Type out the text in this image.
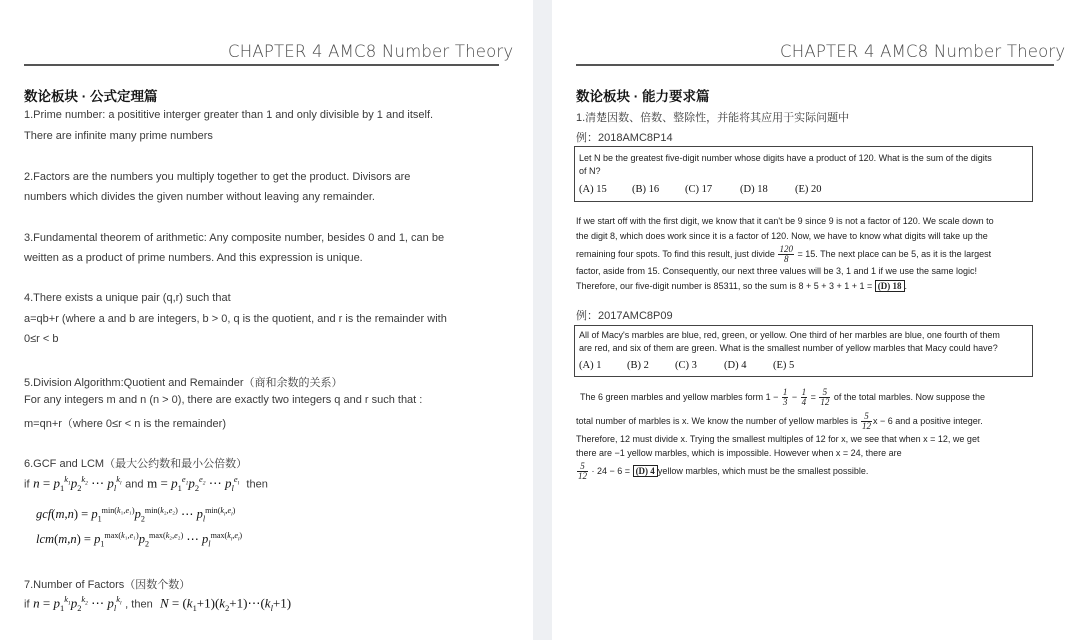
CHAPTER 4 AMC8 Number Theory
数论板块 · 公式定理篇
1.Prime number: a posititive interger greater than 1 and only divisible by 1 and itself.
There are infinite many prime numbers
2.Factors are the numbers you multiply together to get the product. Divisors are
numbers which divides the given number without leaving any remainder.
3.Fundamental theorem of arithmetic: Any composite number, besides 0 and 1, can be
weitten as a product of prime numbers. And this expression is unique.
4.There exists a unique pair (q,r) such that
a=qb+r (where a and b are integers, b > 0, q is the quotient, and r is the remainder with
0≤r < b
5.Division Algorithm:Quotient and Remainder（商和余数的关系）
For any integers m and n (n > 0), there are exactly two integers q and r such that :
m=qn+r（where 0≤r < n is the remainder)
6.GCF and LCM（最大公约数和最小公倍数）
if $n = p_1^{k_1}p_2^{k_2}$ ⋯ $p_l^{k_l}$ and $m = p_1^{e_1}p_2^{e_2}$ ⋯ $p_l^{e_l}$ then
$gcf(m,n) = p_1^{min(k_1,e_1)}p_2^{min(k_2,e_2)}$ ⋯ $p_l^{min(k_l,e_l)}$
$lcm(m,n) = p_1^{max(k_1,e_1)}p_2^{max(k_2,e_2)}$ ⋯ $p_l^{max(k_l,e_l)}$
7.Number of Factors（因数个数）
if $n = p_1^{k_1}p_2^{k_2}$ ⋯ $p_l^{k_l}$ , then $N = (k_1+1)(k_2+1)\cdots(k_l+1)$
CHAPTER 4 AMC8 Number Theory
数论板块 · 能力要求篇
1.清楚因数、倍数、整除性，并能将其应用于实际问题中
例：2018AMC8P14
Let N be the greatest five-digit number whose digits have a product of 120. What is the sum of the digits
of N?
(A) 15 (B) 16 (C) 17	(D) 18	(E) 20
If we start off with the first digit, we know that it can't be 9 since 9 is not a factor of 120. We scale down to
the digit 8, which does work since it is a factor of 120. Now, we have to know what digits will take up the
remaining four spots. To find this result, just divide $\frac{120}{8} = 15$. The next place can be 5, as it is the largest
factor, aside from 15. Consequently, our next three values will be 3, 1 and 1 if we use the same logic!
Therefore, our five-digit number is 85311, so the sum is 8 + 5 + 3 + 1 + 1 = (D) 18 .
例：2017AMC8P09
All of Macy's marbles are blue, red, green, or yellow. One third of her marbles are blue, one fourth of them
are red, and six of them are green. What is the smallest number of yellow marbles that Macy could have?
(A) 1 (B) 2 (C) 3	(D) 4	(E) 5
The 6 green marbles and yellow marbles form $1 - \frac{1}{3} - \frac{1}{4} = \frac{5}{12}$ of the total marbles. Now suppose the
total number of marbles is x. We know the number of yellow marbles is $\frac{5}{12}$ x − 6 and a positive integer.
Therefore, 12 must divide x. Trying the smallest multiples of 12 for x, we see that when x = 12, we get
there are −1 yellow marbles, which is impossible. However when x = 24, there are
$\frac{5}{12} \cdot 24 - 6 = (D)$ 4 yellow marbles, which must be the smallest possible.
